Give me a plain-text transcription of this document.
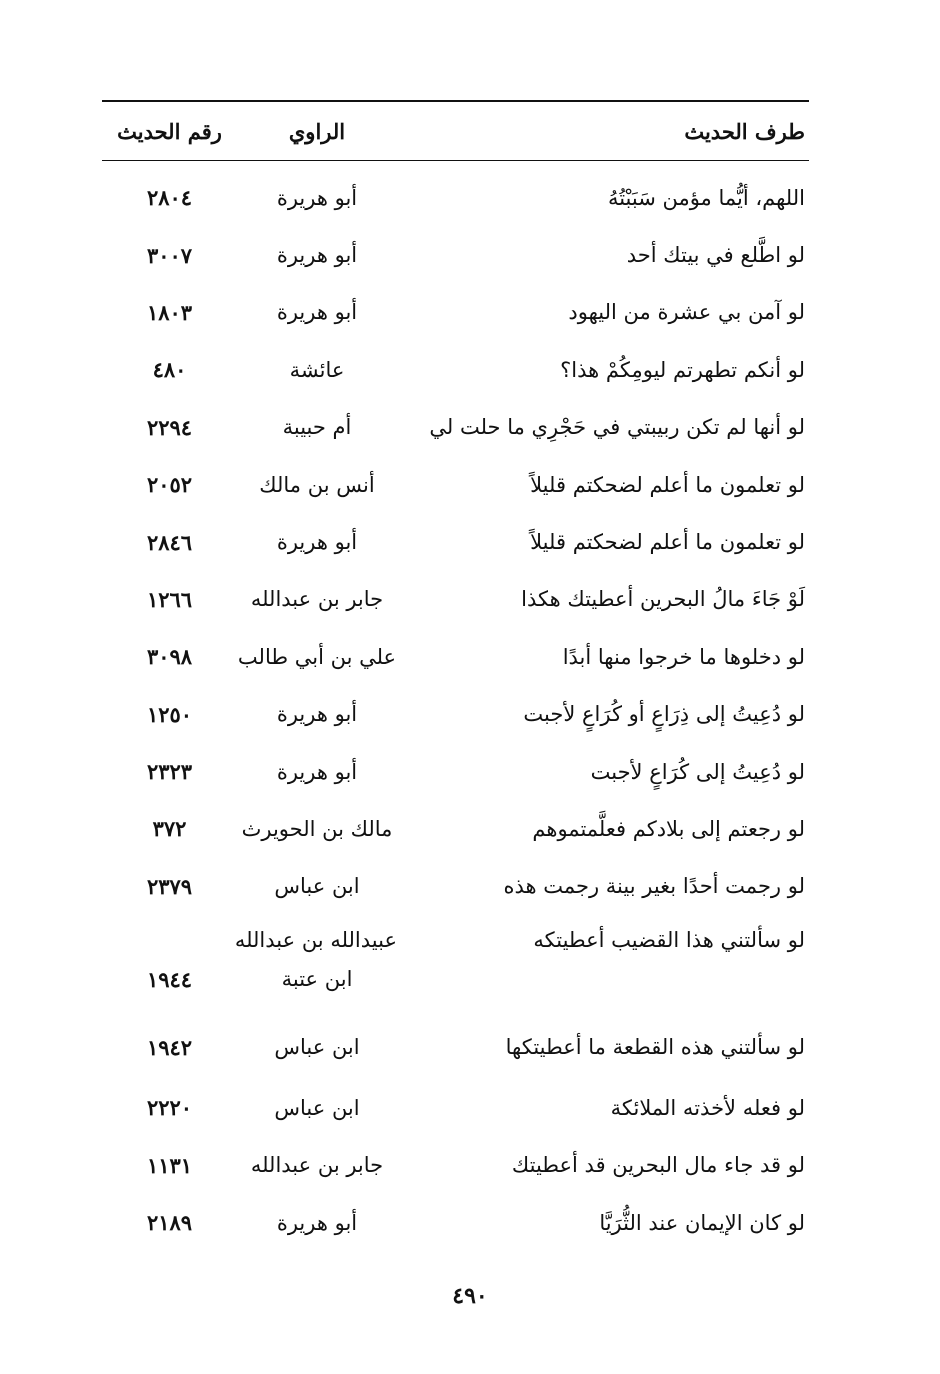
طرف الحديث
الراوي
رقم الحديث
اللهم، أيُّما مؤمن سَبَبْتُهُ
أبو هريرة
٢٨٠٤
لو اطَّلع في بيتك أحد
أبو هريرة
٣٠٠٧
لو آمن بي عشرة من اليهود
أبو هريرة
١٨٠٣
لو أنكم تطهرتم ليومِكُمْ هذا؟
عائشة
٤٨٠
لو أنها لم تكن ربيبتي في حَجْرِي ما حلت لي
أم حبيبة
٢٢٩٤
لو تعلمون ما أعلم لضحكتم قليلاً
أنس بن مالك
٢٠٥٢
لو تعلمون ما أعلم لضحكتم قليلاً
أبو هريرة
٢٨٤٦
لَوْ جَاءَ مالُ البحرين أعطيتك هكذا
جابر بن عبدالله
١٢٦٦
لو دخلوها ما خرجوا منها أبدًا
علي بن أبي طالب
٣٠٩٨
لو دُعِيتُ إلى ذِرَاعٍ أو كُرَاعٍ لأجبت
أبو هريرة
١٢٥٠
لو دُعِيتُ إلى كُرَاعٍ لأجبت
أبو هريرة
٢٣٢٣
لو رجعتم إلى بلادكم فعلَّمتموهم
مالك بن الحويرث
٣٧٢
لو رجمت أحدًا بغير بينة رجمت هذه
ابن عباس
٢٣٧٩
لو سألتني هذا القضيب أعطيتكه
عبيدالله بن عبدالله
ابن عتبة
١٩٤٤
لو سألتني هذه القطعة ما أعطيتكها
ابن عباس
١٩٤٢
لو فعله لأخذته الملائكة
ابن عباس
٢٢٢٠
لو قد جاء مال البحرين قد أعطيتك
جابر بن عبدالله
١١٣١
لو كان الإيمان عند الثُّرَيَّا
أبو هريرة
٢١٨٩
٤٩٠
